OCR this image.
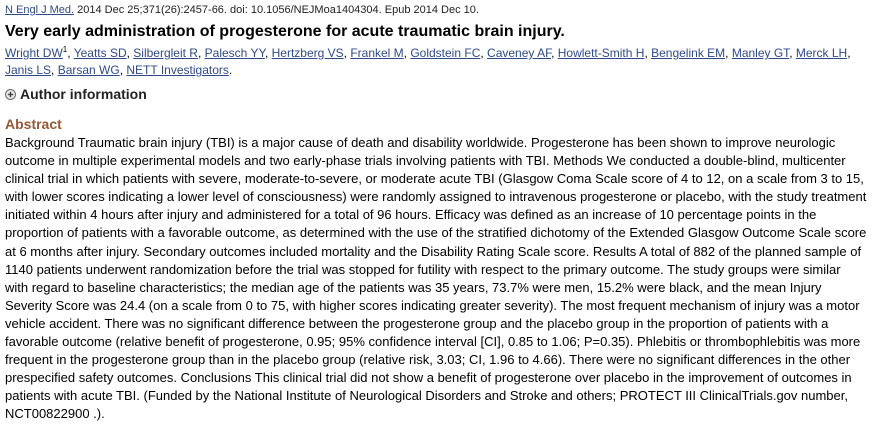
N Engl J Med. 2014 Dec 25;371(26):2457-66. doi: 10.1056/NEJMoa1404304. Epub 2014 Dec 10.
Very early administration of progesterone for acute traumatic brain injury.
Wright $DW^1$, Yeatts SD, Silbergleit R, Palesch YY, Hertzberg VS, Frankel M, Goldstein FC, Caveney AF, Howlett-Smith H, Bengelink EM, Manley GT, Merck LH, Janis LS, Barsan WG, NETT Investigators.
Author information
Abstract
Background Traumatic brain injury (TBI) is a major cause of death and disability worldwide. Progesterone has been shown to improve neurologic outcome in multiple experimental models and two early-phase trials involving patients with TBI. Methods We conducted a double-blind, multicenter clinical trial in which patients with severe, moderate-to-severe, or moderate acute TBI (Glasgow Coma Scale score of 4 to 12, on a scale from 3 to 15, with lower scores indicating a lower level of consciousness) were randomly assigned to intravenous progesterone or placebo, with the study treatment initiated within 4 hours after injury and administered for a total of 96 hours. Efficacy was defined as an increase of 10 percentage points in the proportion of patients with a favorable outcome, as determined with the use of the stratified dichotomy of the Extended Glasgow Outcome Scale score at 6 months after injury. Secondary outcomes included mortality and the Disability Rating Scale score. Results A total of 882 of the planned sample of 1140 patients underwent randomization before the trial was stopped for futility with respect to the primary outcome. The study groups were similar with regard to baseline characteristics; the median age of the patients was 35 years, 73.7% were men, 15.2% were black, and the mean Injury Severity Score was 24.4 (on a scale from 0 to 75, with higher scores indicating greater severity). The most frequent mechanism of injury was a motor vehicle accident. There was no significant difference between the progesterone group and the placebo group in the proportion of patients with a favorable outcome (relative benefit of progesterone, 0.95; 95% confidence interval [CI], 0.85 to 1.06; P=0.35). Phlebitis or thrombophlebitis was more frequent in the progesterone group than in the placebo group (relative risk, 3.03; CI, 1.96 to 4.66). There were no significant differences in the other prespecified safety outcomes. Conclusions This clinical trial did not show a benefit of progesterone over placebo in the improvement of outcomes in patients with acute TBI. (Funded by the National Institute of Neurological Disorders and Stroke and others; PROTECT III ClinicalTrials.gov number, NCT00822900 .).
